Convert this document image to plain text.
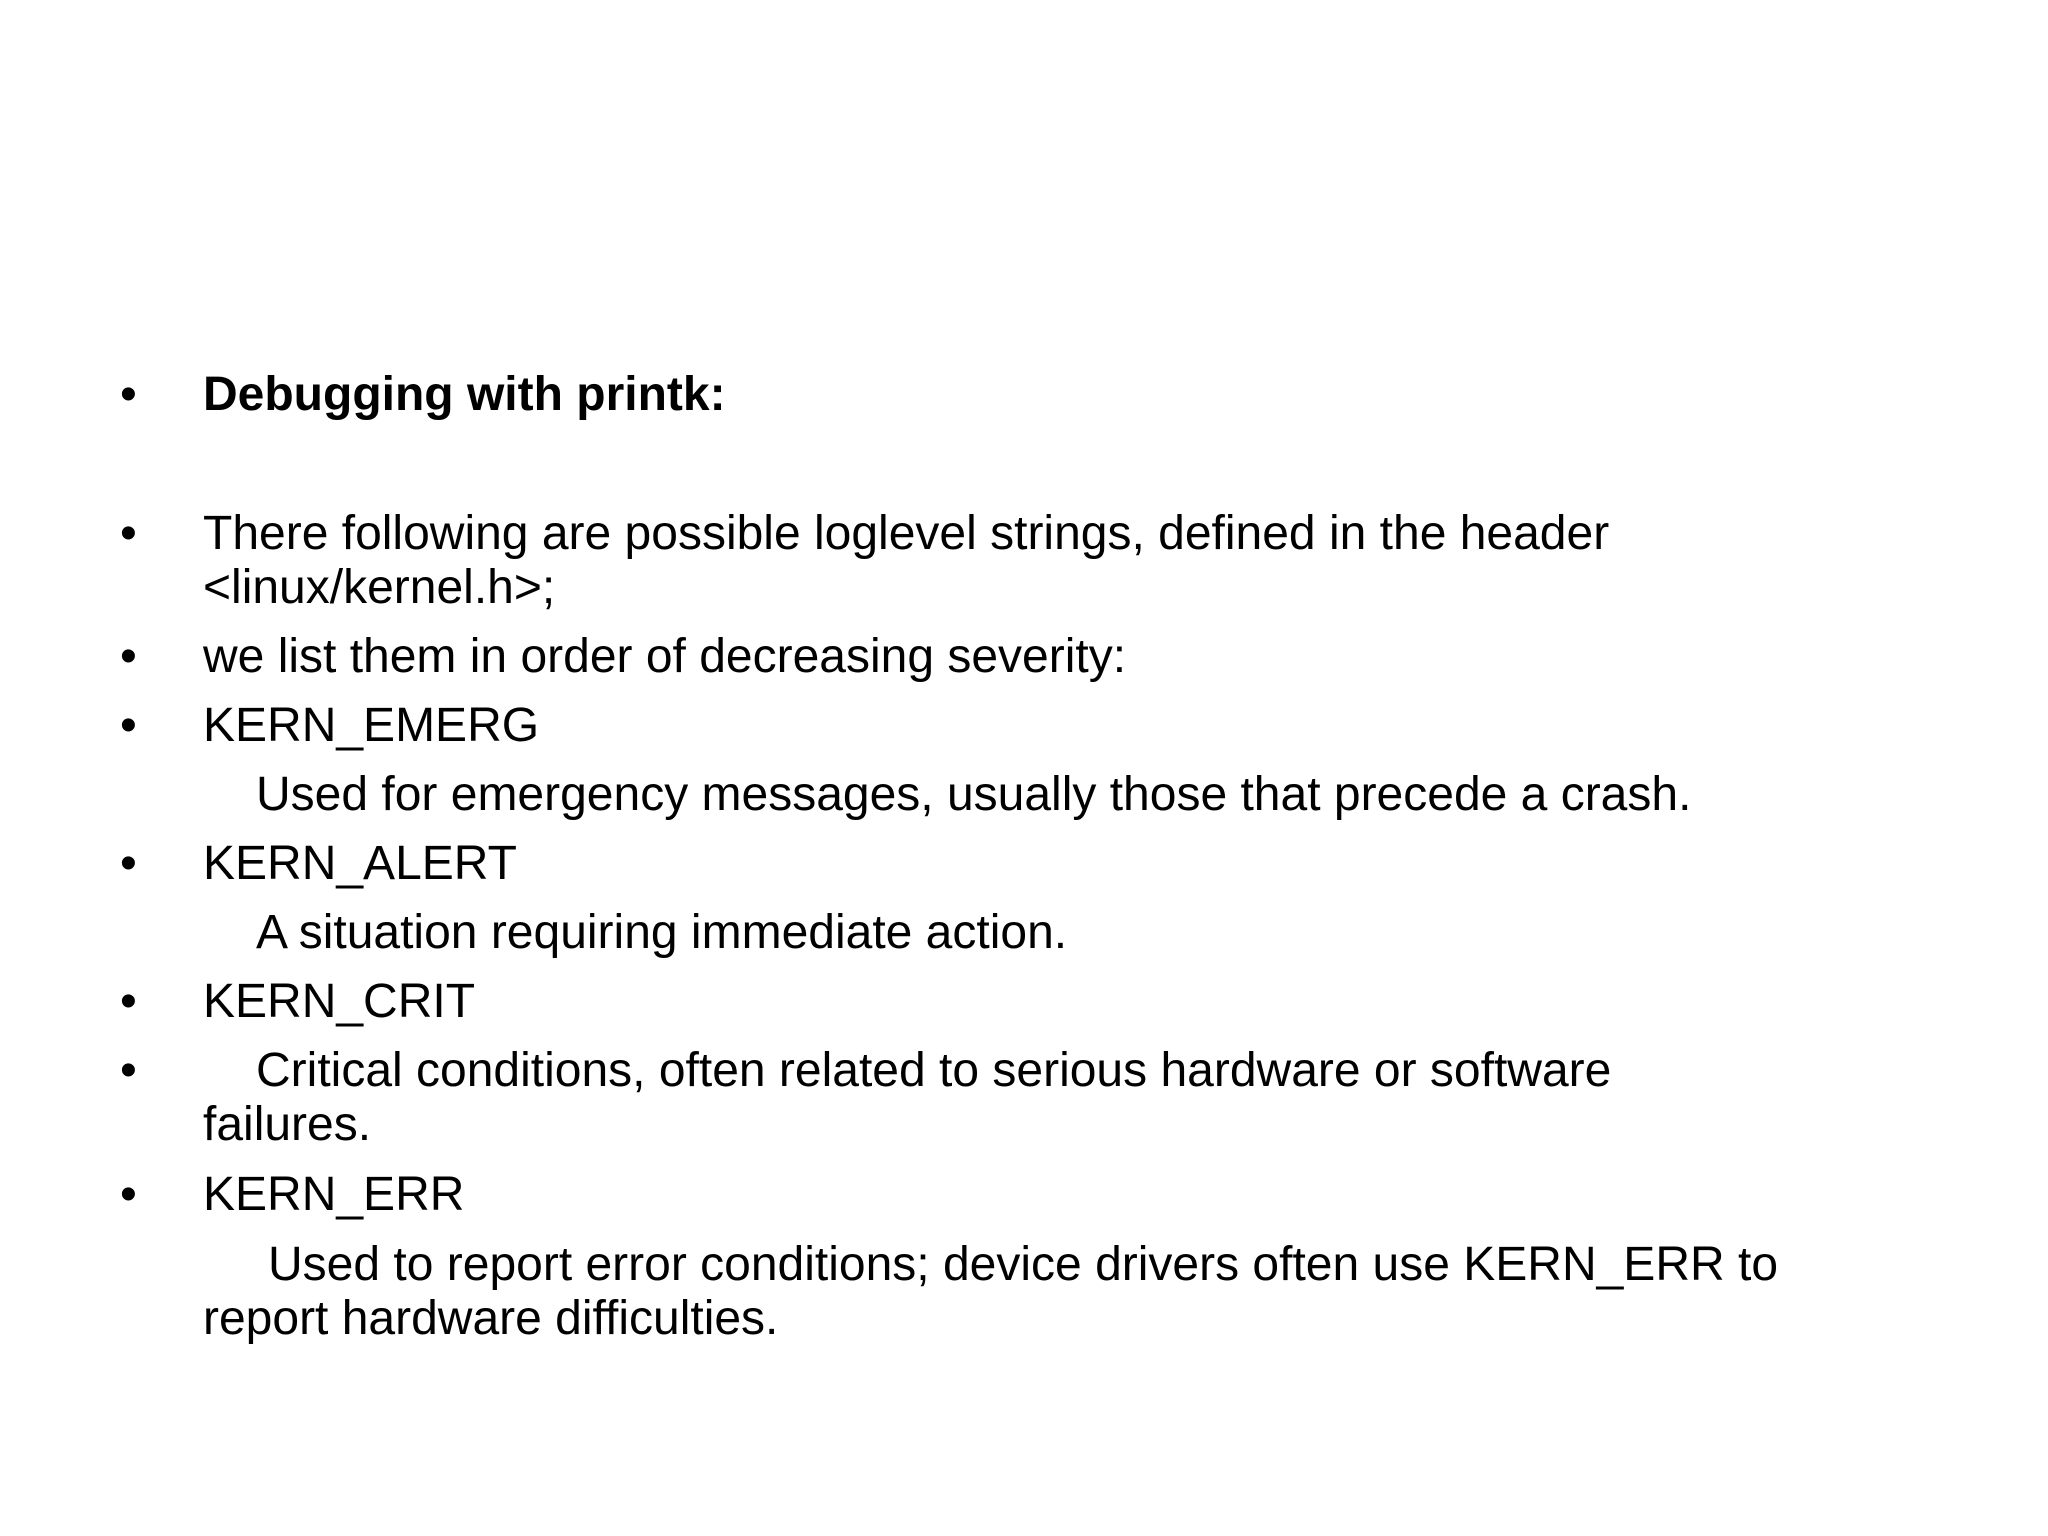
• Debugging with printk:
• There following are possible loglevel strings, defined in the header
<linux/kernel.h>;
• we list them in order of decreasing severity:
• KERN_EMERG
Used for emergency messages, usually those that precede a crash.
• KERN_ALERT
A situation requiring immediate action.
• KERN_CRIT
• Critical conditions, often related to serious hardware or software
failures.
• KERN_ERR
Used to report error conditions; device drivers often use KERN_ERR to
report hardware difficulties.
